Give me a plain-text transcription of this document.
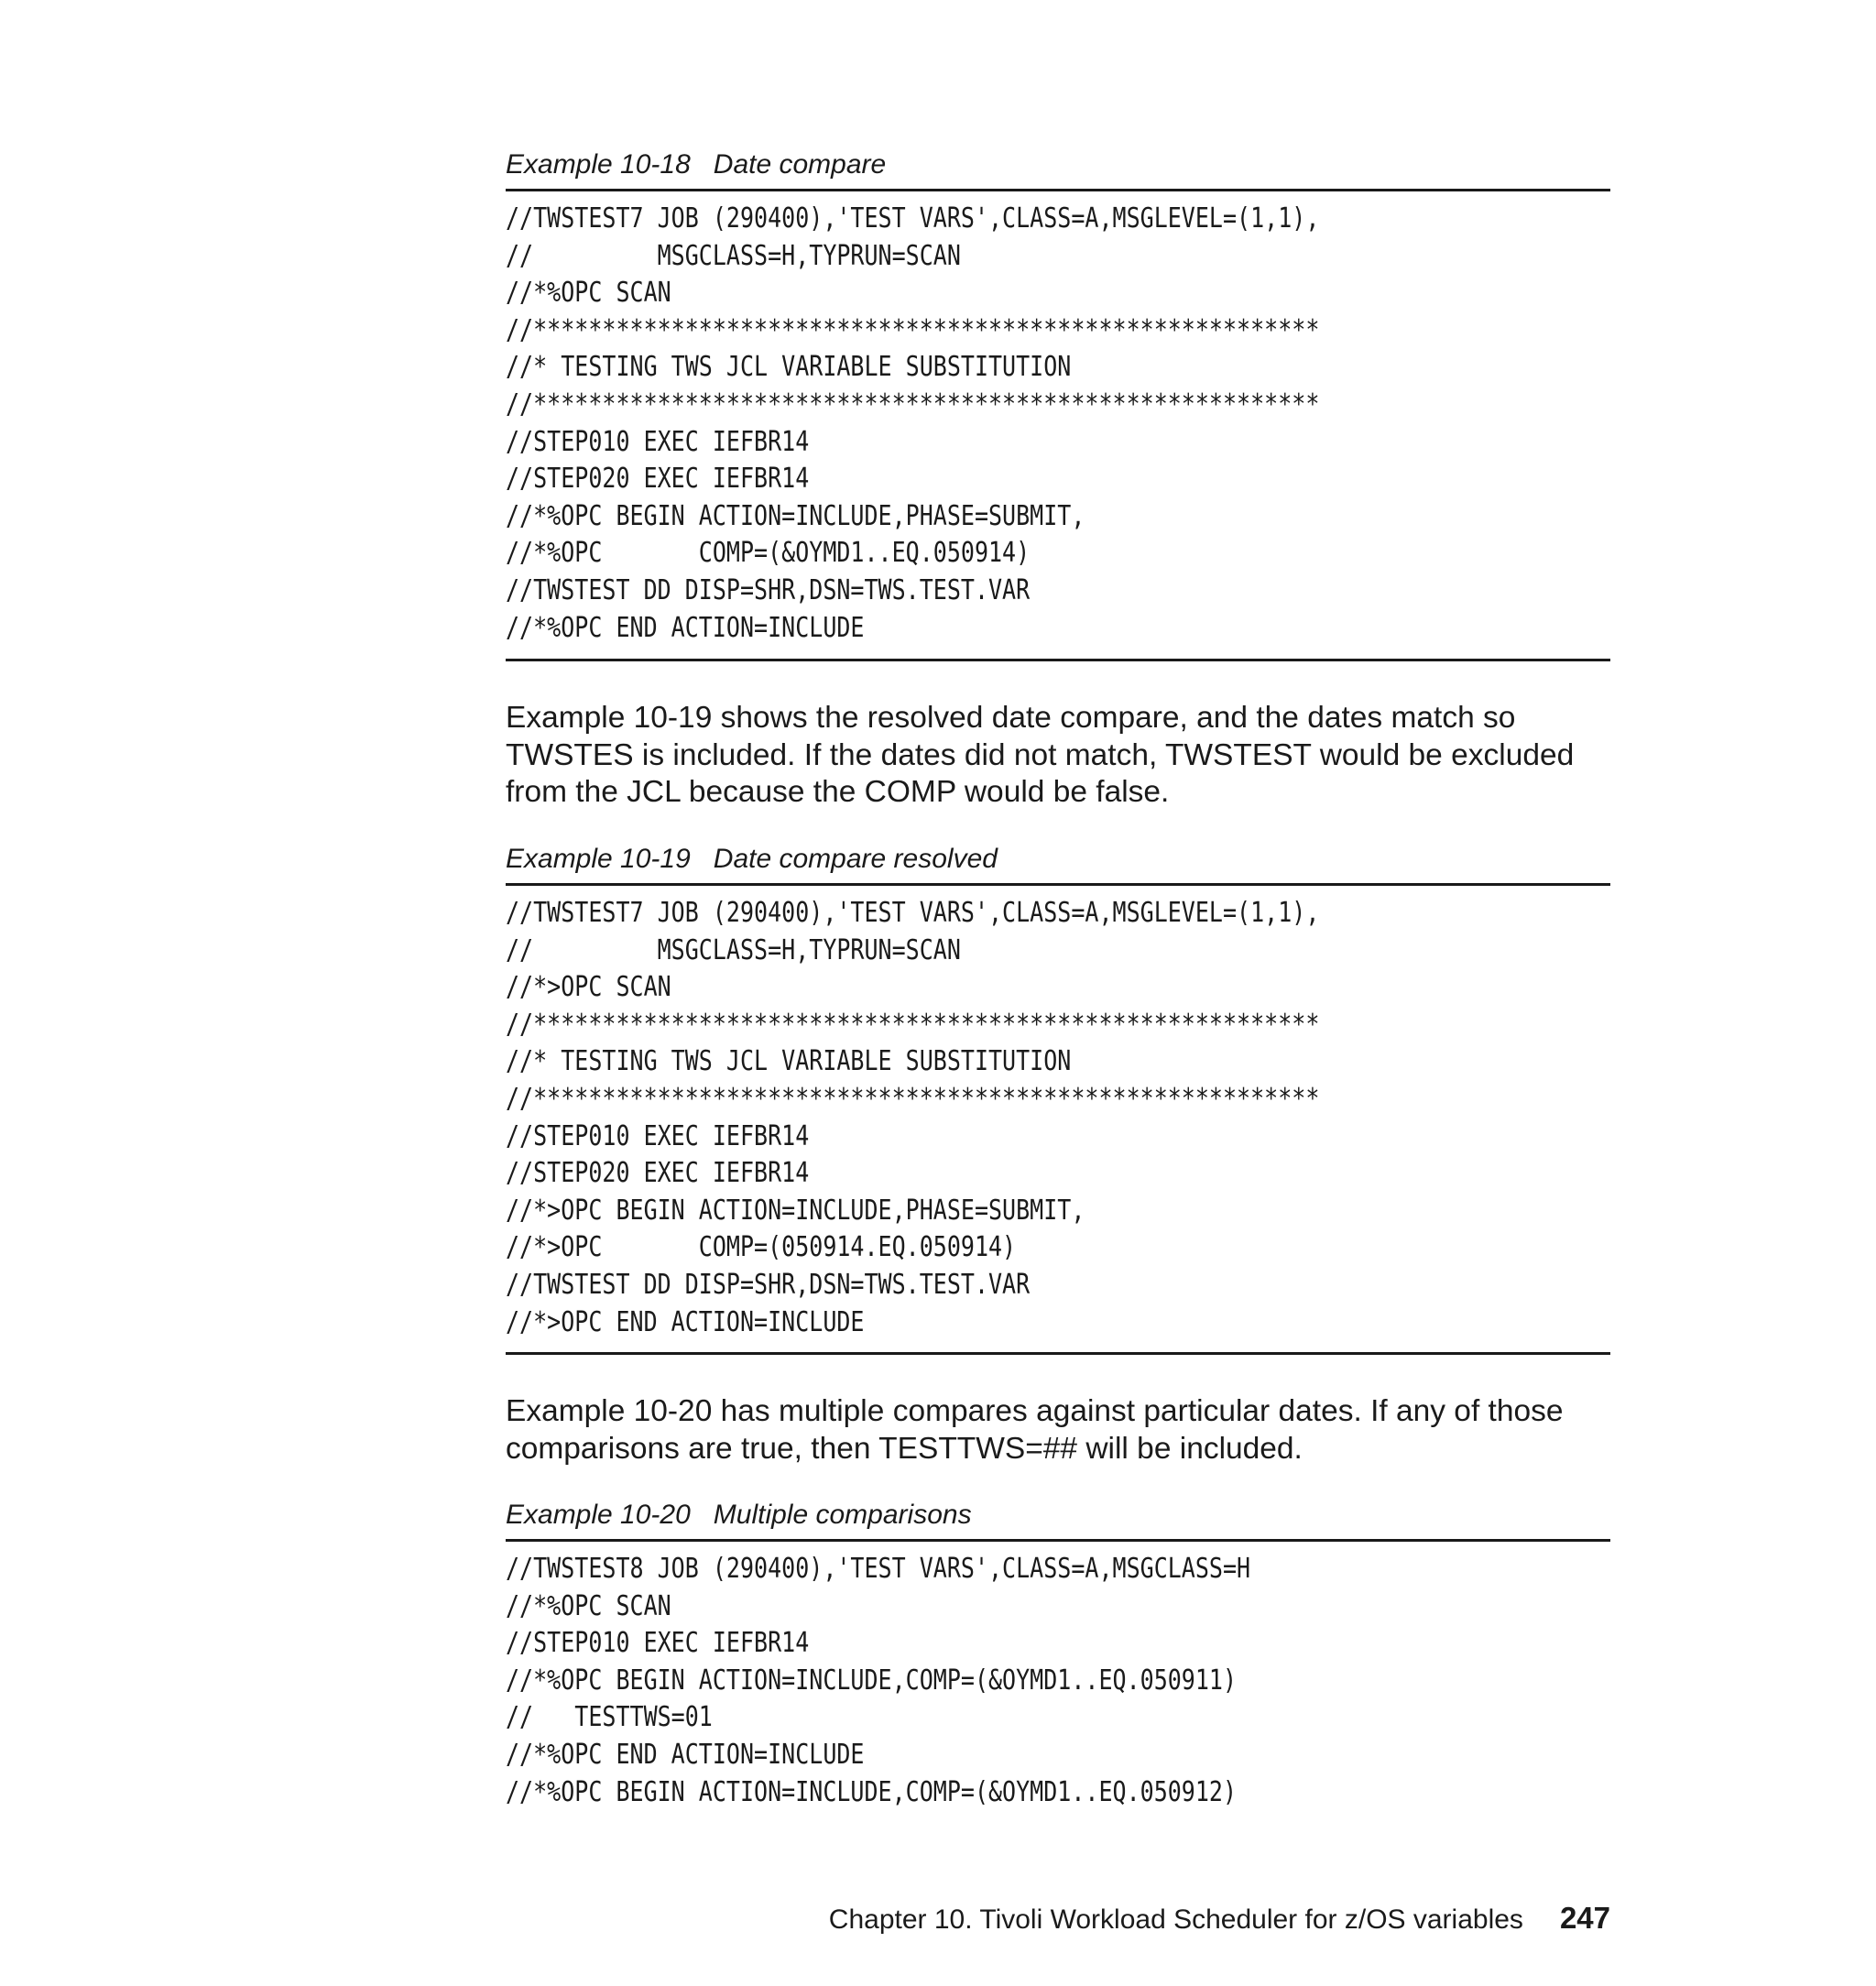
Example 10-18   Date compare
//TWSTEST7 JOB (290400),'TEST VARS',CLASS=A,MSGLEVEL=(1,1),
//         MSGCLASS=H,TYPRUN=SCAN
//*%OPC SCAN
//*********************************************************
//* TESTING TWS JCL VARIABLE SUBSTITUTION
//*********************************************************
//STEP010 EXEC IEFBR14
//STEP020 EXEC IEFBR14
//*%OPC BEGIN ACTION=INCLUDE,PHASE=SUBMIT,
//*%OPC       COMP=(&OYMD1..EQ.050914)
//TWSTEST DD DISP=SHR,DSN=TWS.TEST.VAR
//*%OPC END ACTION=INCLUDE

Example 10-19 shows the resolved date compare, and the dates match so TWSTES is included. If the dates did not match, TWSTEST would be excluded from the JCL because the COMP would be false.

Example 10-19   Date compare resolved
//TWSTEST7 JOB (290400),'TEST VARS',CLASS=A,MSGLEVEL=(1,1),
//         MSGCLASS=H,TYPRUN=SCAN
//*>OPC SCAN
//*********************************************************
//* TESTING TWS JCL VARIABLE SUBSTITUTION
//*********************************************************
//STEP010 EXEC IEFBR14
//STEP020 EXEC IEFBR14
//*>OPC BEGIN ACTION=INCLUDE,PHASE=SUBMIT,
//*>OPC       COMP=(050914.EQ.050914)
//TWSTEST DD DISP=SHR,DSN=TWS.TEST.VAR
//*>OPC END ACTION=INCLUDE

Example 10-20 has multiple compares against particular dates. If any of those comparisons are true, then TESTTWS=## will be included.

Example 10-20   Multiple comparisons
//TWSTEST8 JOB (290400),'TEST VARS',CLASS=A,MSGCLASS=H
//*%OPC SCAN
//STEP010 EXEC IEFBR14
//*%OPC BEGIN ACTION=INCLUDE,COMP=(&OYMD1..EQ.050911)
//   TESTTWS=01
//*%OPC END ACTION=INCLUDE
//*%OPC BEGIN ACTION=INCLUDE,COMP=(&OYMD1..EQ.050912)
Chapter 10. Tivoli Workload Scheduler for z/OS variables 247
